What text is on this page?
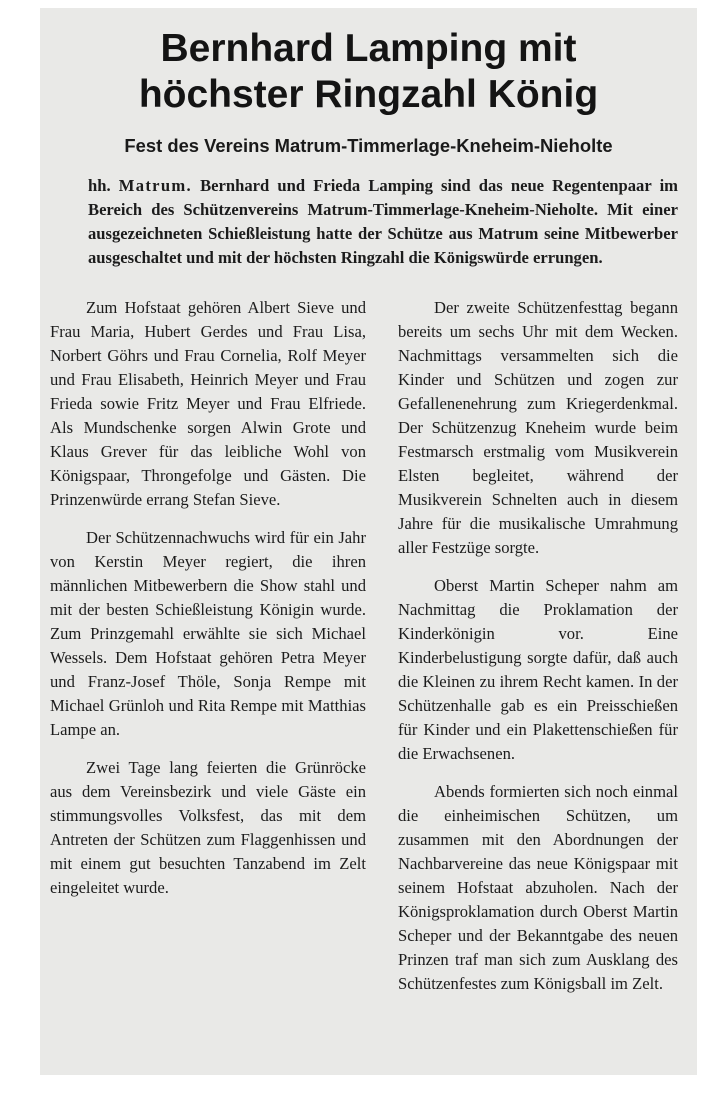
Bernhard Lamping mit
höchster Ringzahl König
Fest des Vereins Matrum-Timmerlage-Kneheim-Nieholte

hh. Matrum. Bernhard und Frieda Lamping sind das neue Regentenpaar im Bereich des Schützenvereins Matrum-Timmerlage-Kneheim-Nieholte. Mit einer ausgezeichneten Schießleistung hatte der Schütze aus Matrum seine Mitbewerber ausgeschaltet und mit der höchsten Ringzahl die Königswürde errungen.

Zum Hofstaat gehören Albert Sieve und Frau Maria, Hubert Gerdes und Frau Lisa, Norbert Göhrs und Frau Cornelia, Rolf Meyer und Frau Elisabeth, Heinrich Meyer und Frau Frieda sowie Fritz Meyer und Frau Elfriede. Als Mundschenke sorgen Alwin Grote und Klaus Grever für das leibliche Wohl von Königspaar, Throngefolge und Gästen. Die Prinzenwürde errang Stefan Sieve.

Der Schützennachwuchs wird für ein Jahr von Kerstin Meyer regiert, die ihren männlichen Mitbewerbern die Show stahl und mit der besten Schießleistung Königin wurde. Zum Prinzgemahl erwählte sie sich Michael Wessels. Dem Hofstaat gehören Petra Meyer und Franz-Josef Thöle, Sonja Rempe mit Michael Grünloh und Rita Rempe mit Matthias Lampe an.

Zwei Tage lang feierten die Grünröcke aus dem Vereinsbezirk und viele Gäste ein stimmungsvolles Volksfest, das mit dem Antreten der Schützen zum Flaggenhissen und mit einem gut besuchten Tanzabend im Zelt eingeleitet wurde.

Der zweite Schützenfesttag begann bereits um sechs Uhr mit dem Wecken. Nachmittags versammelten sich die Kinder und Schützen und zogen zur Gefallenenehrung zum Kriegerdenkmal. Der Schützenzug Kneheim wurde beim Festmarsch erstmalig vom Musikverein Elsten begleitet, während der Musikverein Schnelten auch in diesem Jahre für die musikalische Umrahmung aller Festzüge sorgte.

Oberst Martin Scheper nahm am Nachmittag die Proklamation der Kinderkönigin vor. Eine Kinderbelustigung sorgte dafür, daß auch die Kleinen zu ihrem Recht kamen. In der Schützenhalle gab es ein Preisschießen für Kinder und ein Plakettenschießen für die Erwachsenen.

Abends formierten sich noch einmal die einheimischen Schützen, um zusammen mit den Abordnungen der Nachbarvereine das neue Königspaar mit seinem Hofstaat abzuholen. Nach der Königsproklamation durch Oberst Martin Scheper und der Bekanntgabe des neuen Prinzen traf man sich zum Ausklang des Schützenfestes zum Königsball im Zelt.
